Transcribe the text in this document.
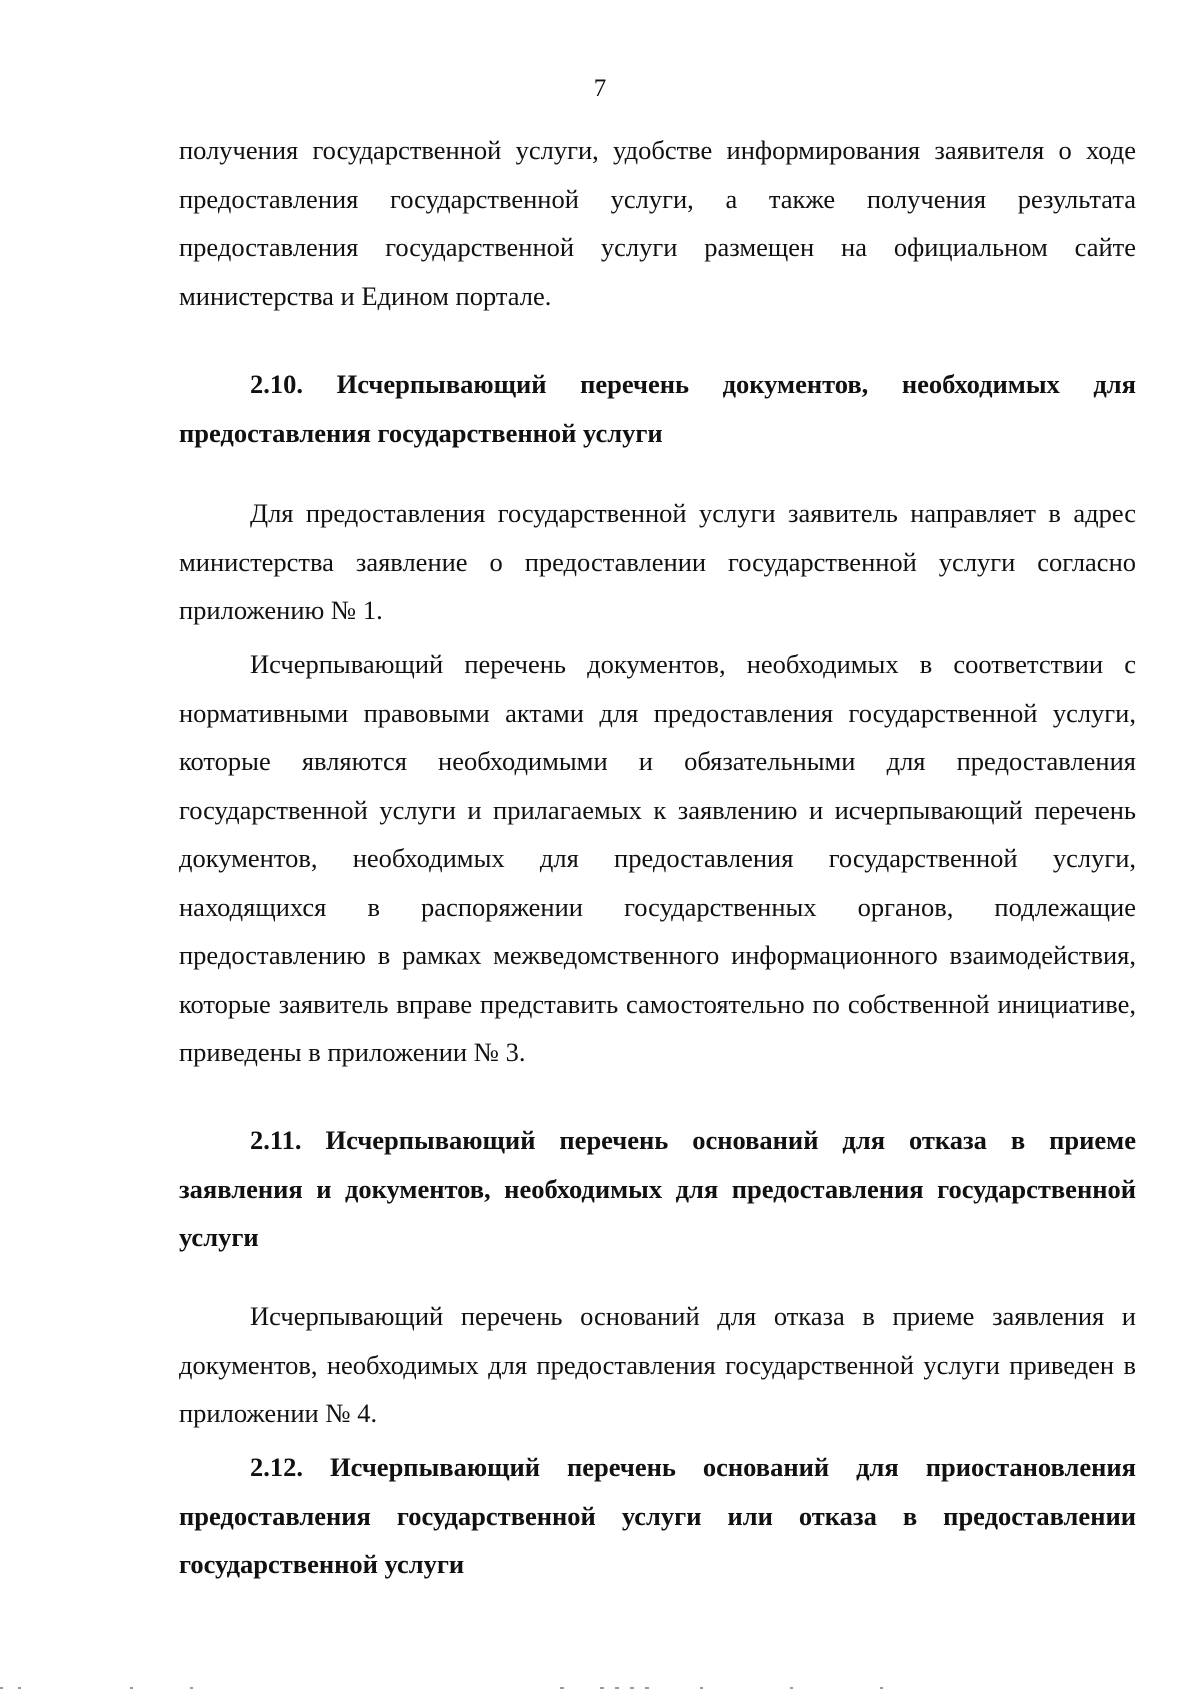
7

получения государственной услуги, удобстве информирования заявителя о ходе предоставления государственной услуги, а также получения результата предоставления государственной услуги размещен на официальном сайте министерства и Едином портале.

2.10. Исчерпывающий перечень документов, необходимых для предоставления государственной услуги

Для предоставления государственной услуги заявитель направляет в адрес министерства заявление о предоставлении государственной услуги согласно приложению № 1.

Исчерпывающий перечень документов, необходимых в соответствии с нормативными правовыми актами для предоставления государственной услуги, которые являются необходимыми и обязательными для предоставления государственной услуги и прилагаемых к заявлению и исчерпывающий перечень документов, необходимых для предоставления государственной услуги, находящихся в распоряжении государственных органов, подлежащие предоставлению в рамках межведомственного информационного взаимодействия, которые заявитель вправе представить самостоятельно по собственной инициативе, приведены в приложении № 3.

2.11. Исчерпывающий перечень оснований для отказа в приеме заявления и документов, необходимых для предоставления государственной услуги

Исчерпывающий перечень оснований для отказа в приеме заявления и документов, необходимых для предоставления государственной услуги приведен в приложении № 4.

2.12. Исчерпывающий перечень оснований для приостановления предоставления государственной услуги или отказа в предоставлении государственной услуги
